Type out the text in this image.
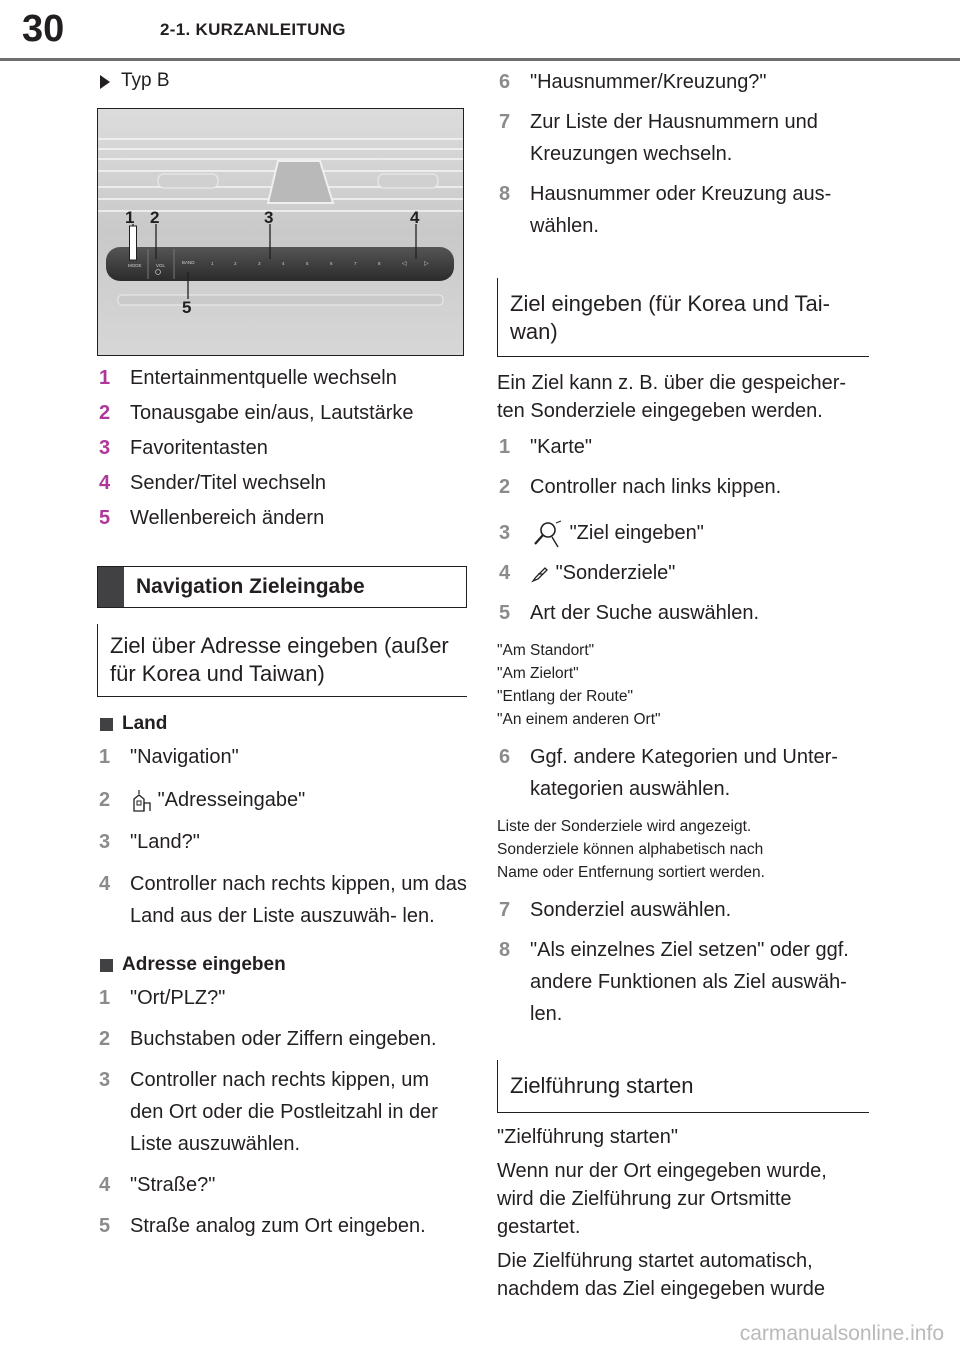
30	2-1. KURZANLEITUNG
Typ B
MODE	VOL
BAND	1	2	3	4	5	6	7	8	◁	▷
1 2	3	4
5
1 Entertainmentquelle wechseln
2 Tonausgabe ein/aus, Lautstärke
3 Favoritentasten
4 Sender/Titel wechseln
5 Wellenbereich ändern
Navigation Zieleingabe
Ziel über Adresse eingeben (außer für Korea und Taiwan)
Land
1 "Navigation"
2 "Adresseingabe"
3 "Land?"
4 Controller nach rechts kippen, um das Land aus der Liste auszuwäh- len.
Adresse eingeben
1 "Ort/PLZ?"
2 Buchstaben oder Ziffern eingeben.
3 Controller nach rechts kippen, um den Ort oder die Postleitzahl in der Liste auszuwählen.
4 "Straße?"
5 Straße analog zum Ort eingeben.
6 "Hausnummer/Kreuzung?"
7 Zur Liste der Hausnummern und Kreuzungen wechseln.
8 Hausnummer oder Kreuzung aus- wählen.
Ziel eingeben (für Korea und Tai- wan)

Ein Ziel kann z. B. über die gespeicher- ten Sonderziele eingegeben werden.

1 "Karte"
2 Controller nach links kippen.
3	"Ziel eingeben"
4 "Sonderziele"
5 Art der Suche auswählen.
"Am Standort"
"Am Zielort"
"Entlang der Route"
"An einem anderen Ort"
6 Ggf. andere Kategorien und Unter- kategorien auswählen.
Liste der Sonderziele wird angezeigt.
Sonderziele können alphabetisch nach
Name oder Entfernung sortiert werden.
7 Sonderziel auswählen.
8 "Als einzelnes Ziel setzen" oder ggf. andere Funktionen als Ziel auswäh- len.
Zielführung starten

"Zielführung starten"

Wenn nur der Ort eingegeben wurde, wird die Zielführung zur Ortsmitte gestartet.

Die Zielführung startet automatisch, nachdem das Ziel eingegeben wurde

carmanualsonline.info
